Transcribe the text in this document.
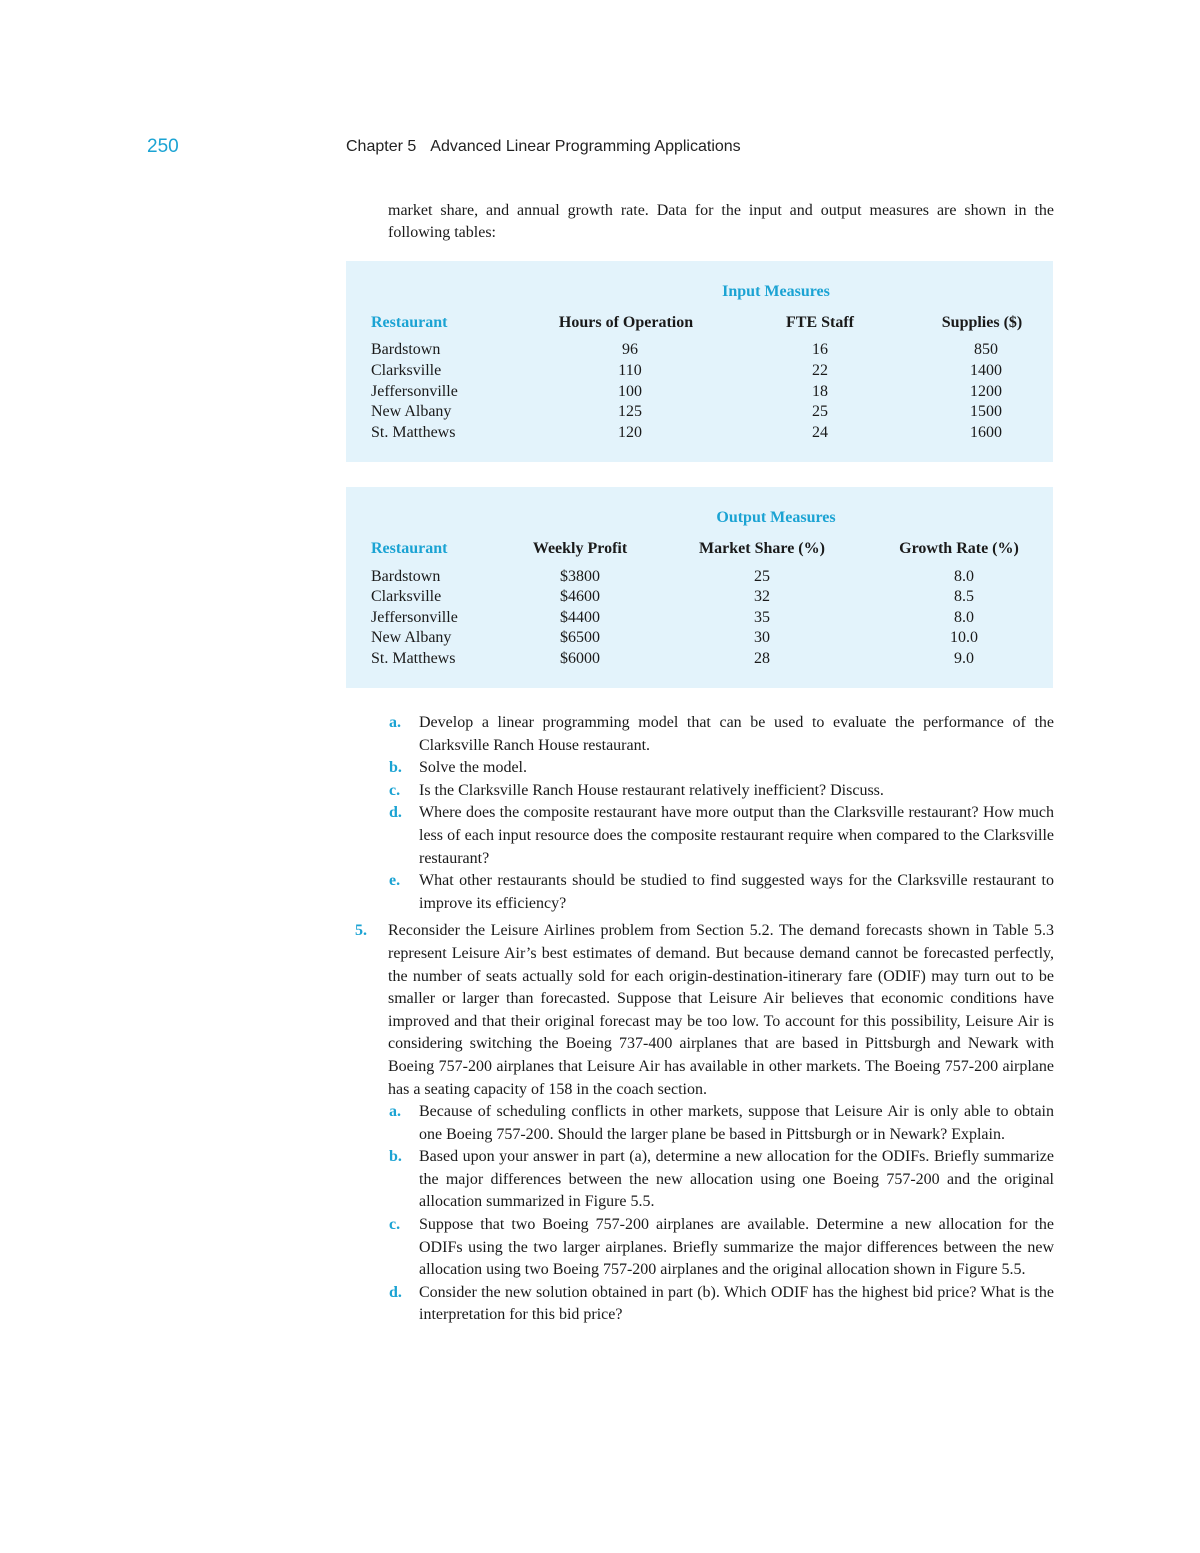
250	Chapter 5 Advanced Linear Programming Applications
market share, and annual growth rate. Data for the input and output measures are shown in the following tables:
Input Measures
Restaurant	Hours of Operation	FTE Staff	Supplies ($)
Bardstown	96	16	850
Clarksville	110	22	1400
Jeffersonville	100	18	1200
New Albany	125	25	1500
St. Matthews	120	24	1600
Output Measures
Restaurant	Weekly Profit	Market Share (%)	Growth Rate (%)
Bardstown	$3800	25	8.0
Clarksville	$4600	32	8.5
Jeffersonville	$4400	35	8.0
New Albany	$6500	30	10.0
St. Matthews	$6000	28	9.0
a. Develop a linear programming model that can be used to evaluate the performance of the Clarksville Ranch House restaurant.
b. Solve the model.
c. Is the Clarksville Ranch House restaurant relatively inefficient? Discuss.
d. Where does the composite restaurant have more output than the Clarksville restaurant? How much less of each input resource does the composite restaurant require when compared to the Clarksville restaurant?
e. What other restaurants should be studied to find suggested ways for the Clarksville restaurant to improve its efficiency?
5. Reconsider the Leisure Airlines problem from Section 5.2. The demand forecasts shown in Table 5.3 represent Leisure Air’s best estimates of demand. But because demand cannot be forecasted perfectly, the number of seats actually sold for each origin-destination-itinerary fare (ODIF) may turn out to be smaller or larger than forecasted. Suppose that Leisure Air believes that economic conditions have improved and that their original forecast may be too low. To account for this possibility, Leisure Air is considering switching the Boeing 737-400 airplanes that are based in Pittsburgh and Newark with Boeing 757-200 airplanes that Leisure Air has available in other markets. The Boeing 757-200 airplane has a seating capacity of 158 in the coach section.
a. Because of scheduling conflicts in other markets, suppose that Leisure Air is only able to obtain one Boeing 757-200. Should the larger plane be based in Pittsburgh or in Newark? Explain.
b. Based upon your answer in part (a), determine a new allocation for the ODIFs. Briefly summarize the major differences between the new allocation using one Boeing 757-200 and the original allocation summarized in Figure 5.5.
c. Suppose that two Boeing 757-200 airplanes are available. Determine a new allocation for the ODIFs using the two larger airplanes. Briefly summarize the major differences between the new allocation using two Boeing 757-200 airplanes and the original allocation shown in Figure 5.5.
d. Consider the new solution obtained in part (b). Which ODIF has the highest bid price? What is the interpretation for this bid price?
